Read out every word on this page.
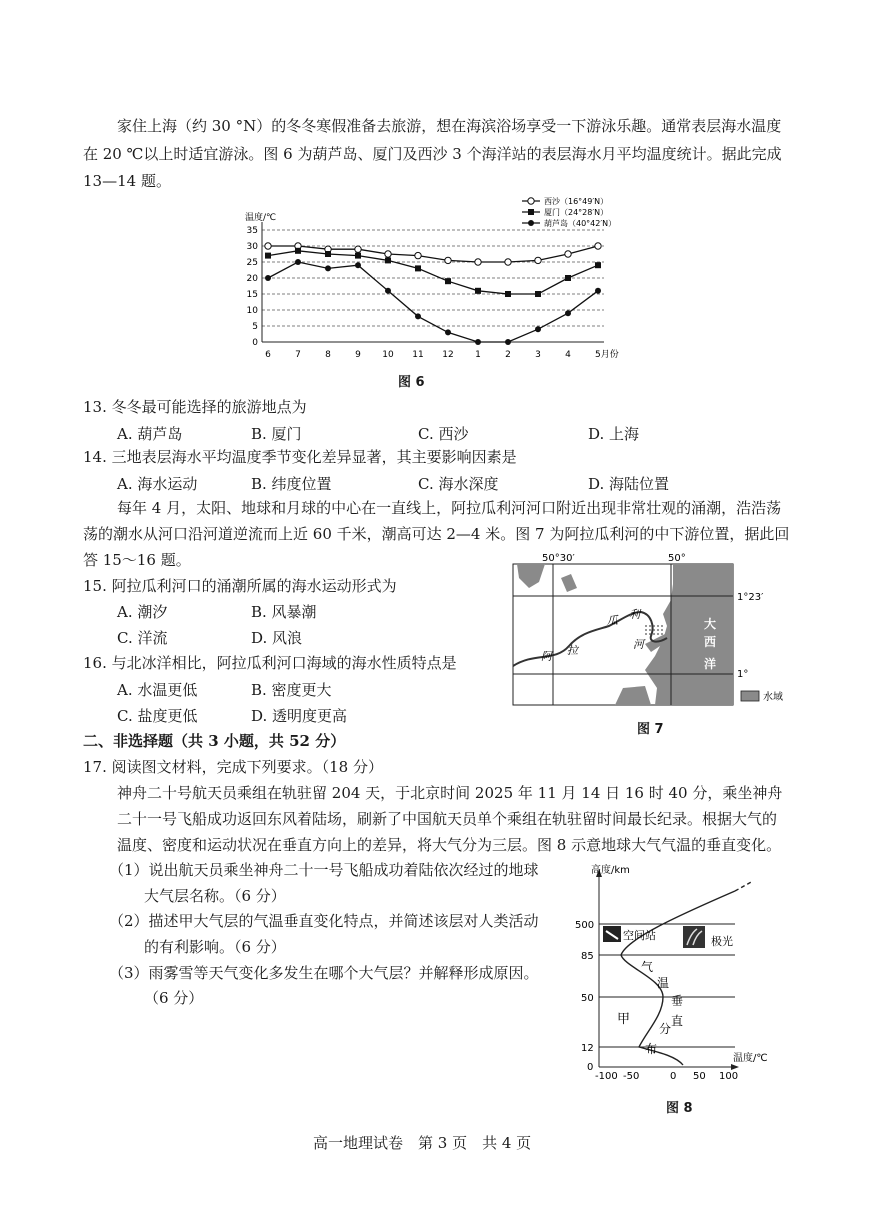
家住上海（约 30 °N）的冬冬寒假准备去旅游，想在海滨浴场享受一下游泳乐趣。通常表层海水温度
在 20 ℃以上时适宜游泳。图 6 为葫芦岛、厦门及西沙 3 个海洋站的表层海水月平均温度统计。据此完成
13—14 题。
0
5
10
15
20
25
30
35
6	7	8	9 10 11 12 1	2	3	4	5月份
西沙（16°49′N）
厦门（24°28′N）
葫芦岛（40°42′N）
温度/℃
图 6
13. 冬冬最可能选择的旅游地点为
A. 葫芦岛	B. 厦门	C. 西沙	D. 上海
14. 三地表层海水平均温度季节变化差异显著，其主要影响因素是
A. 海水运动	B. 纬度位置	C. 海水深度	D. 海陆位置
每年 4 月，太阳、地球和月球的中心在一直线上，阿拉瓜利河河口附近出现非常壮观的涌潮，浩浩荡
荡的潮水从河口沿河道逆流而上近 60 千米，潮高可达 2—4 米。图 7 为阿拉瓜利河的中下游位置，据此回
答 15～16 题。
15. 阿拉瓜利河口的涌潮所属的海水运动形式为
A. 潮汐	B. 风暴潮
C. 洋流	D. 风浪
16. 与北冰洋相比，阿拉瓜利河口海域的海水性质特点是
A. 水温更低	B. 密度更大
C. 盐度更低	D. 透明度更高
50°30′	50°
1°23′
1°
大
西
洋
阿 拉
瓜 利
河
水域
图 7
二、非选择题（共 3 小题，共 52 分）
17. 阅读图文材料，完成下列要求。（18 分）
神舟二十号航天员乘组在轨驻留 204 天，于北京时间 2025 年 11 月 14 日 16 时 40 分，乘坐神舟
二十一号飞船成功返回东风着陆场，刷新了中国航天员单个乘组在轨驻留时间最长纪录。根据大气的
温度、密度和运动状况在垂直方向上的差异，将大气分为三层。图 8 示意地球大气气温的垂直变化。
（1）说出航天员乘坐神舟二十一号飞船成功着陆依次经过的地球
大气层名称。（6 分）
（2）描述甲大气层的气温垂直变化特点，并简述该层对人类活动
的有利影响。（6 分）
（3）雨雾雪等天气变化多发生在哪个大气层？并解释形成原因。
（6 分）
高度/km
温度/℃
500
85
50
12
0
-100 -50	0 50 100
空间站	极光
甲
气
温
垂
直
分
布
图 8
高一地理试卷　第 3 页　共 4 页
